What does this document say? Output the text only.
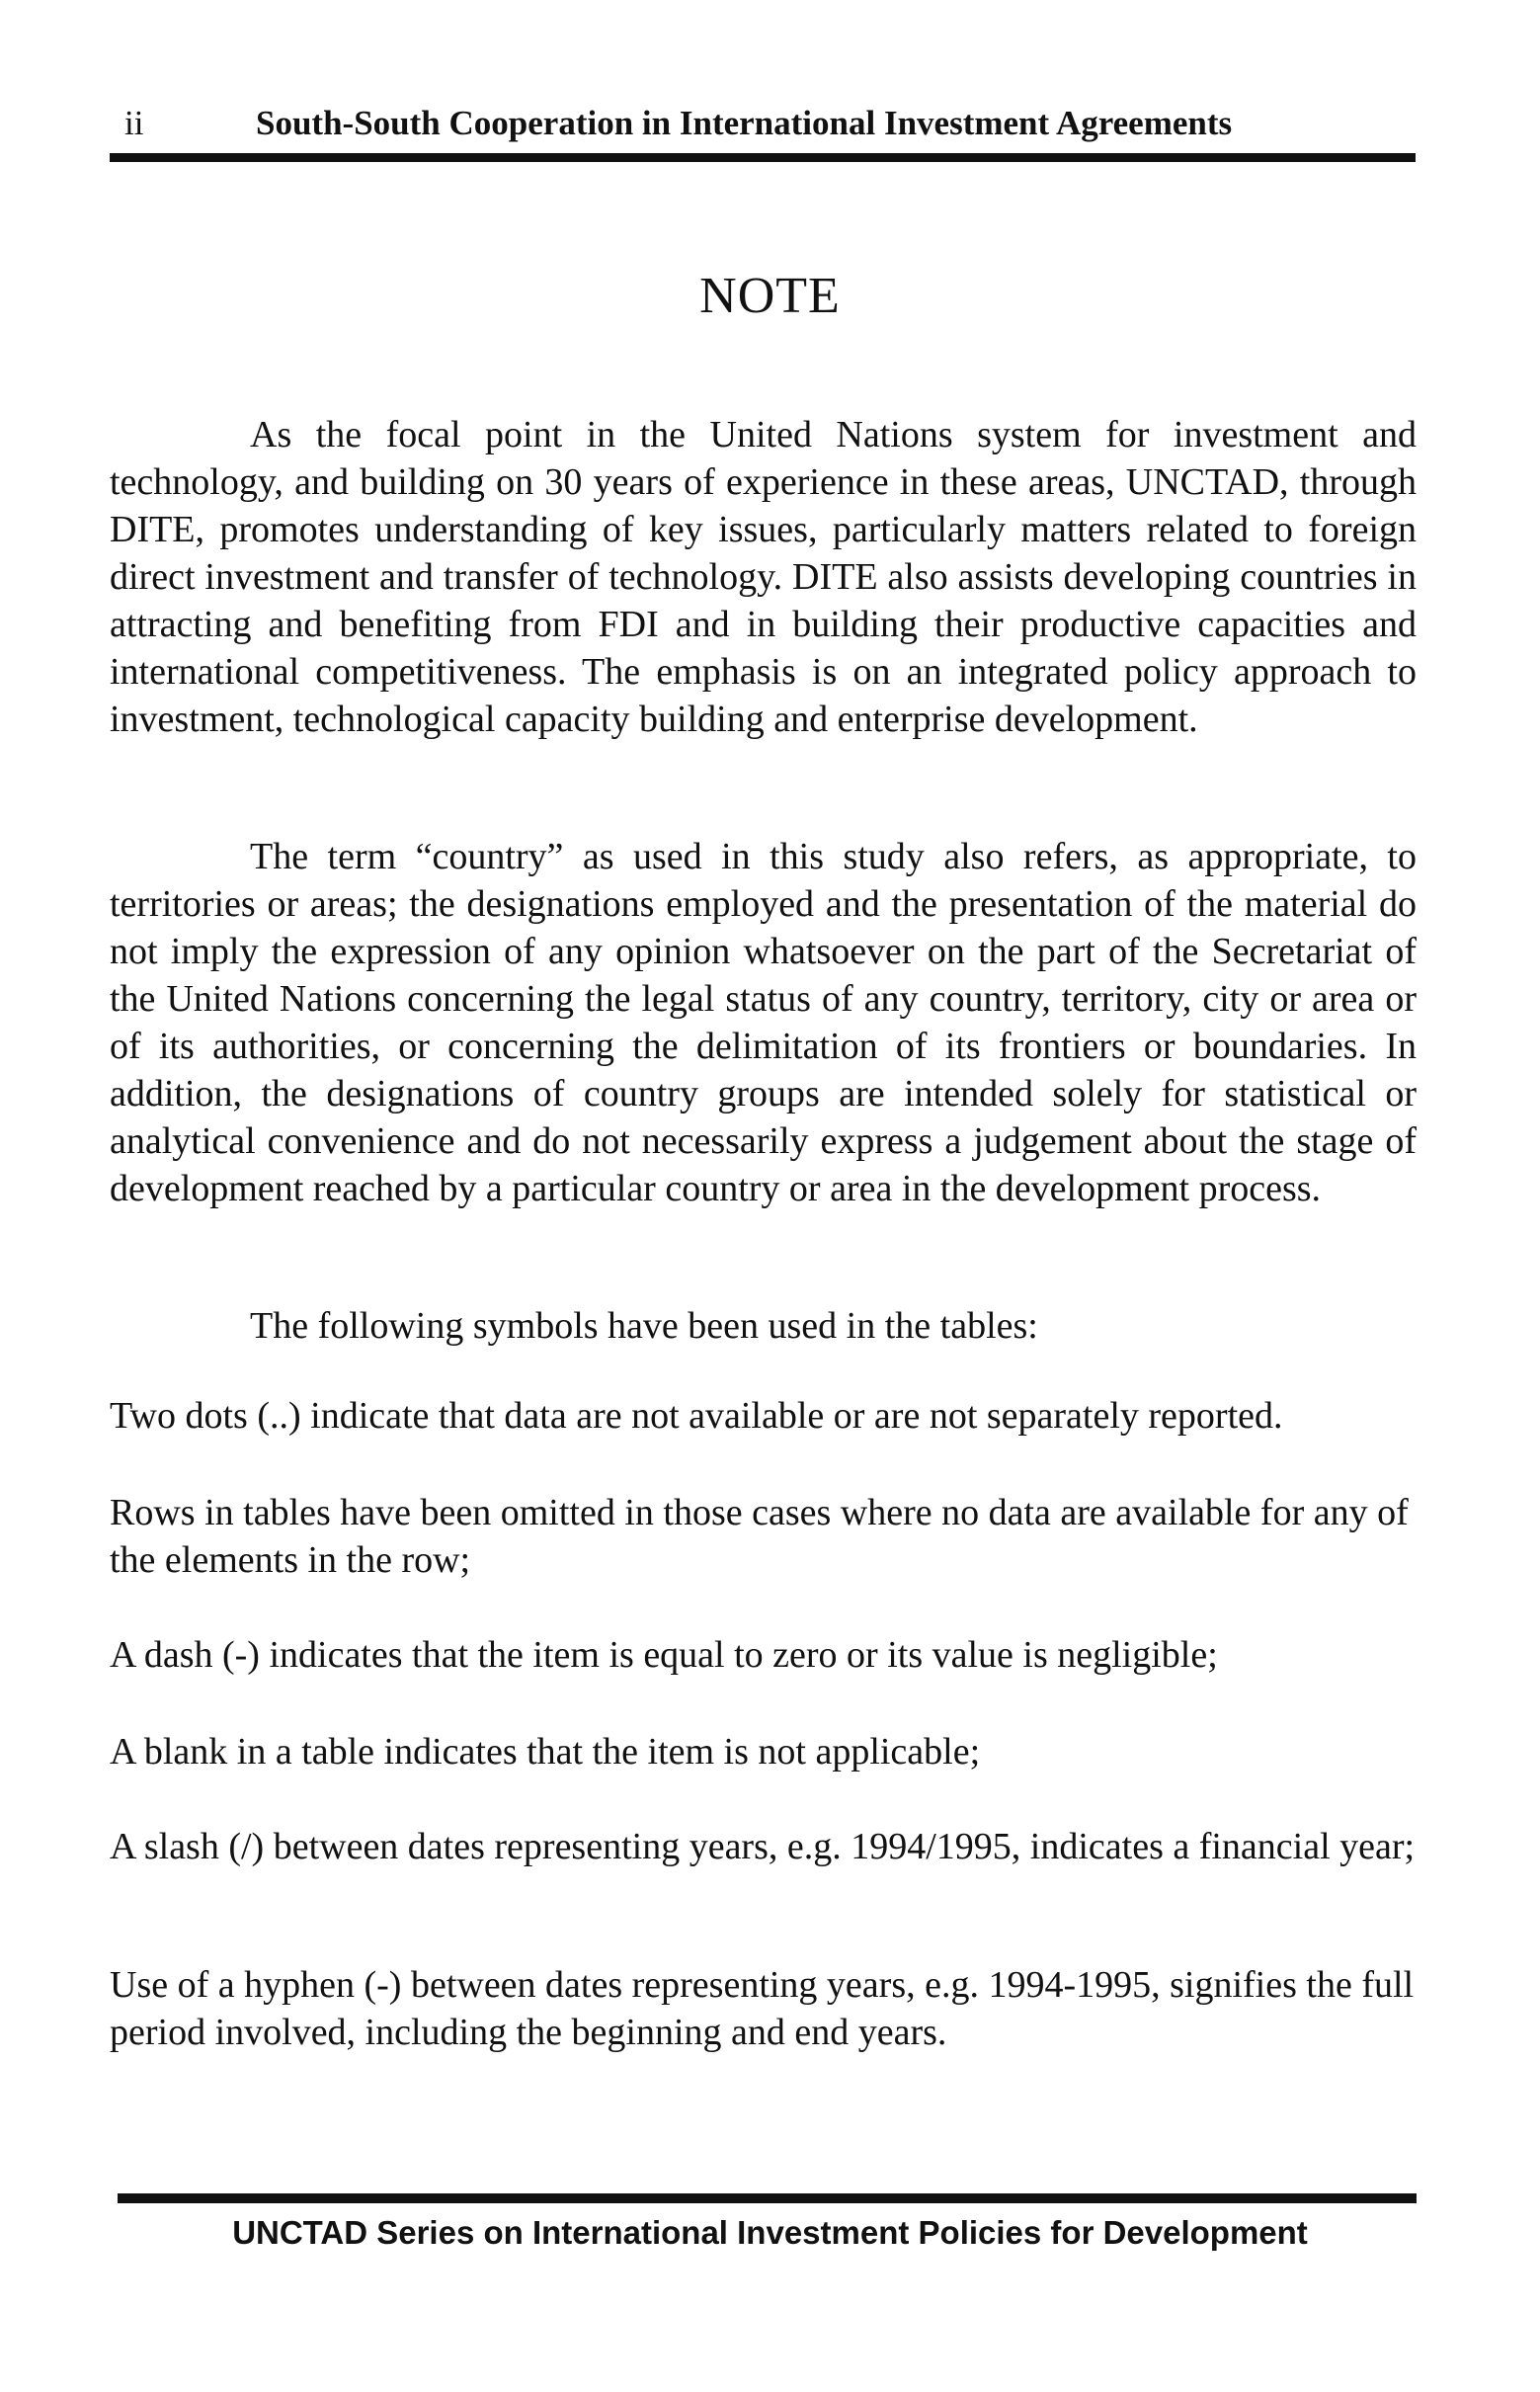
ii	South-South Cooperation in International Investment Agreements
NOTE

As the focal point in the United Nations system for investment and technology, and building on 30 years of experience in these areas, UNCTAD, through DITE, promotes understanding of key issues, particularly matters related to foreign direct investment and transfer of technology. DITE also assists developing countries in attracting and benefiting from FDI and in building their productive capacities and international competitiveness. The emphasis is on an integrated policy approach to investment, technological capacity building and enterprise development.

The term “country” as used in this study also refers, as appropriate, to territories or areas; the designations employed and the presentation of the material do not imply the expression of any opinion whatsoever on the part of the Secretariat of the United Nations concerning the legal status of any country, territory, city or area or of its authorities, or concerning the delimitation of its frontiers or boundaries. In addition, the designations of country groups are intended solely for statistical or analytical convenience and do not necessarily express a judgement about the stage of development reached by a particular country or area in the development process.

The following symbols have been used in the tables:

Two dots (..) indicate that data are not available or are not separately reported.

Rows in tables have been omitted in those cases where no data are available for any of the elements in the row;

A dash (-) indicates that the item is equal to zero or its value is negligible;

A blank in a table indicates that the item is not applicable;

A slash (/) between dates representing years, e.g. 1994/1995, indicates a financial year;

Use of a hyphen (-) between dates representing years, e.g. 1994-1995, signifies the full period involved, including the beginning and end years.

UNCTAD Series on International Investment Policies for Development
